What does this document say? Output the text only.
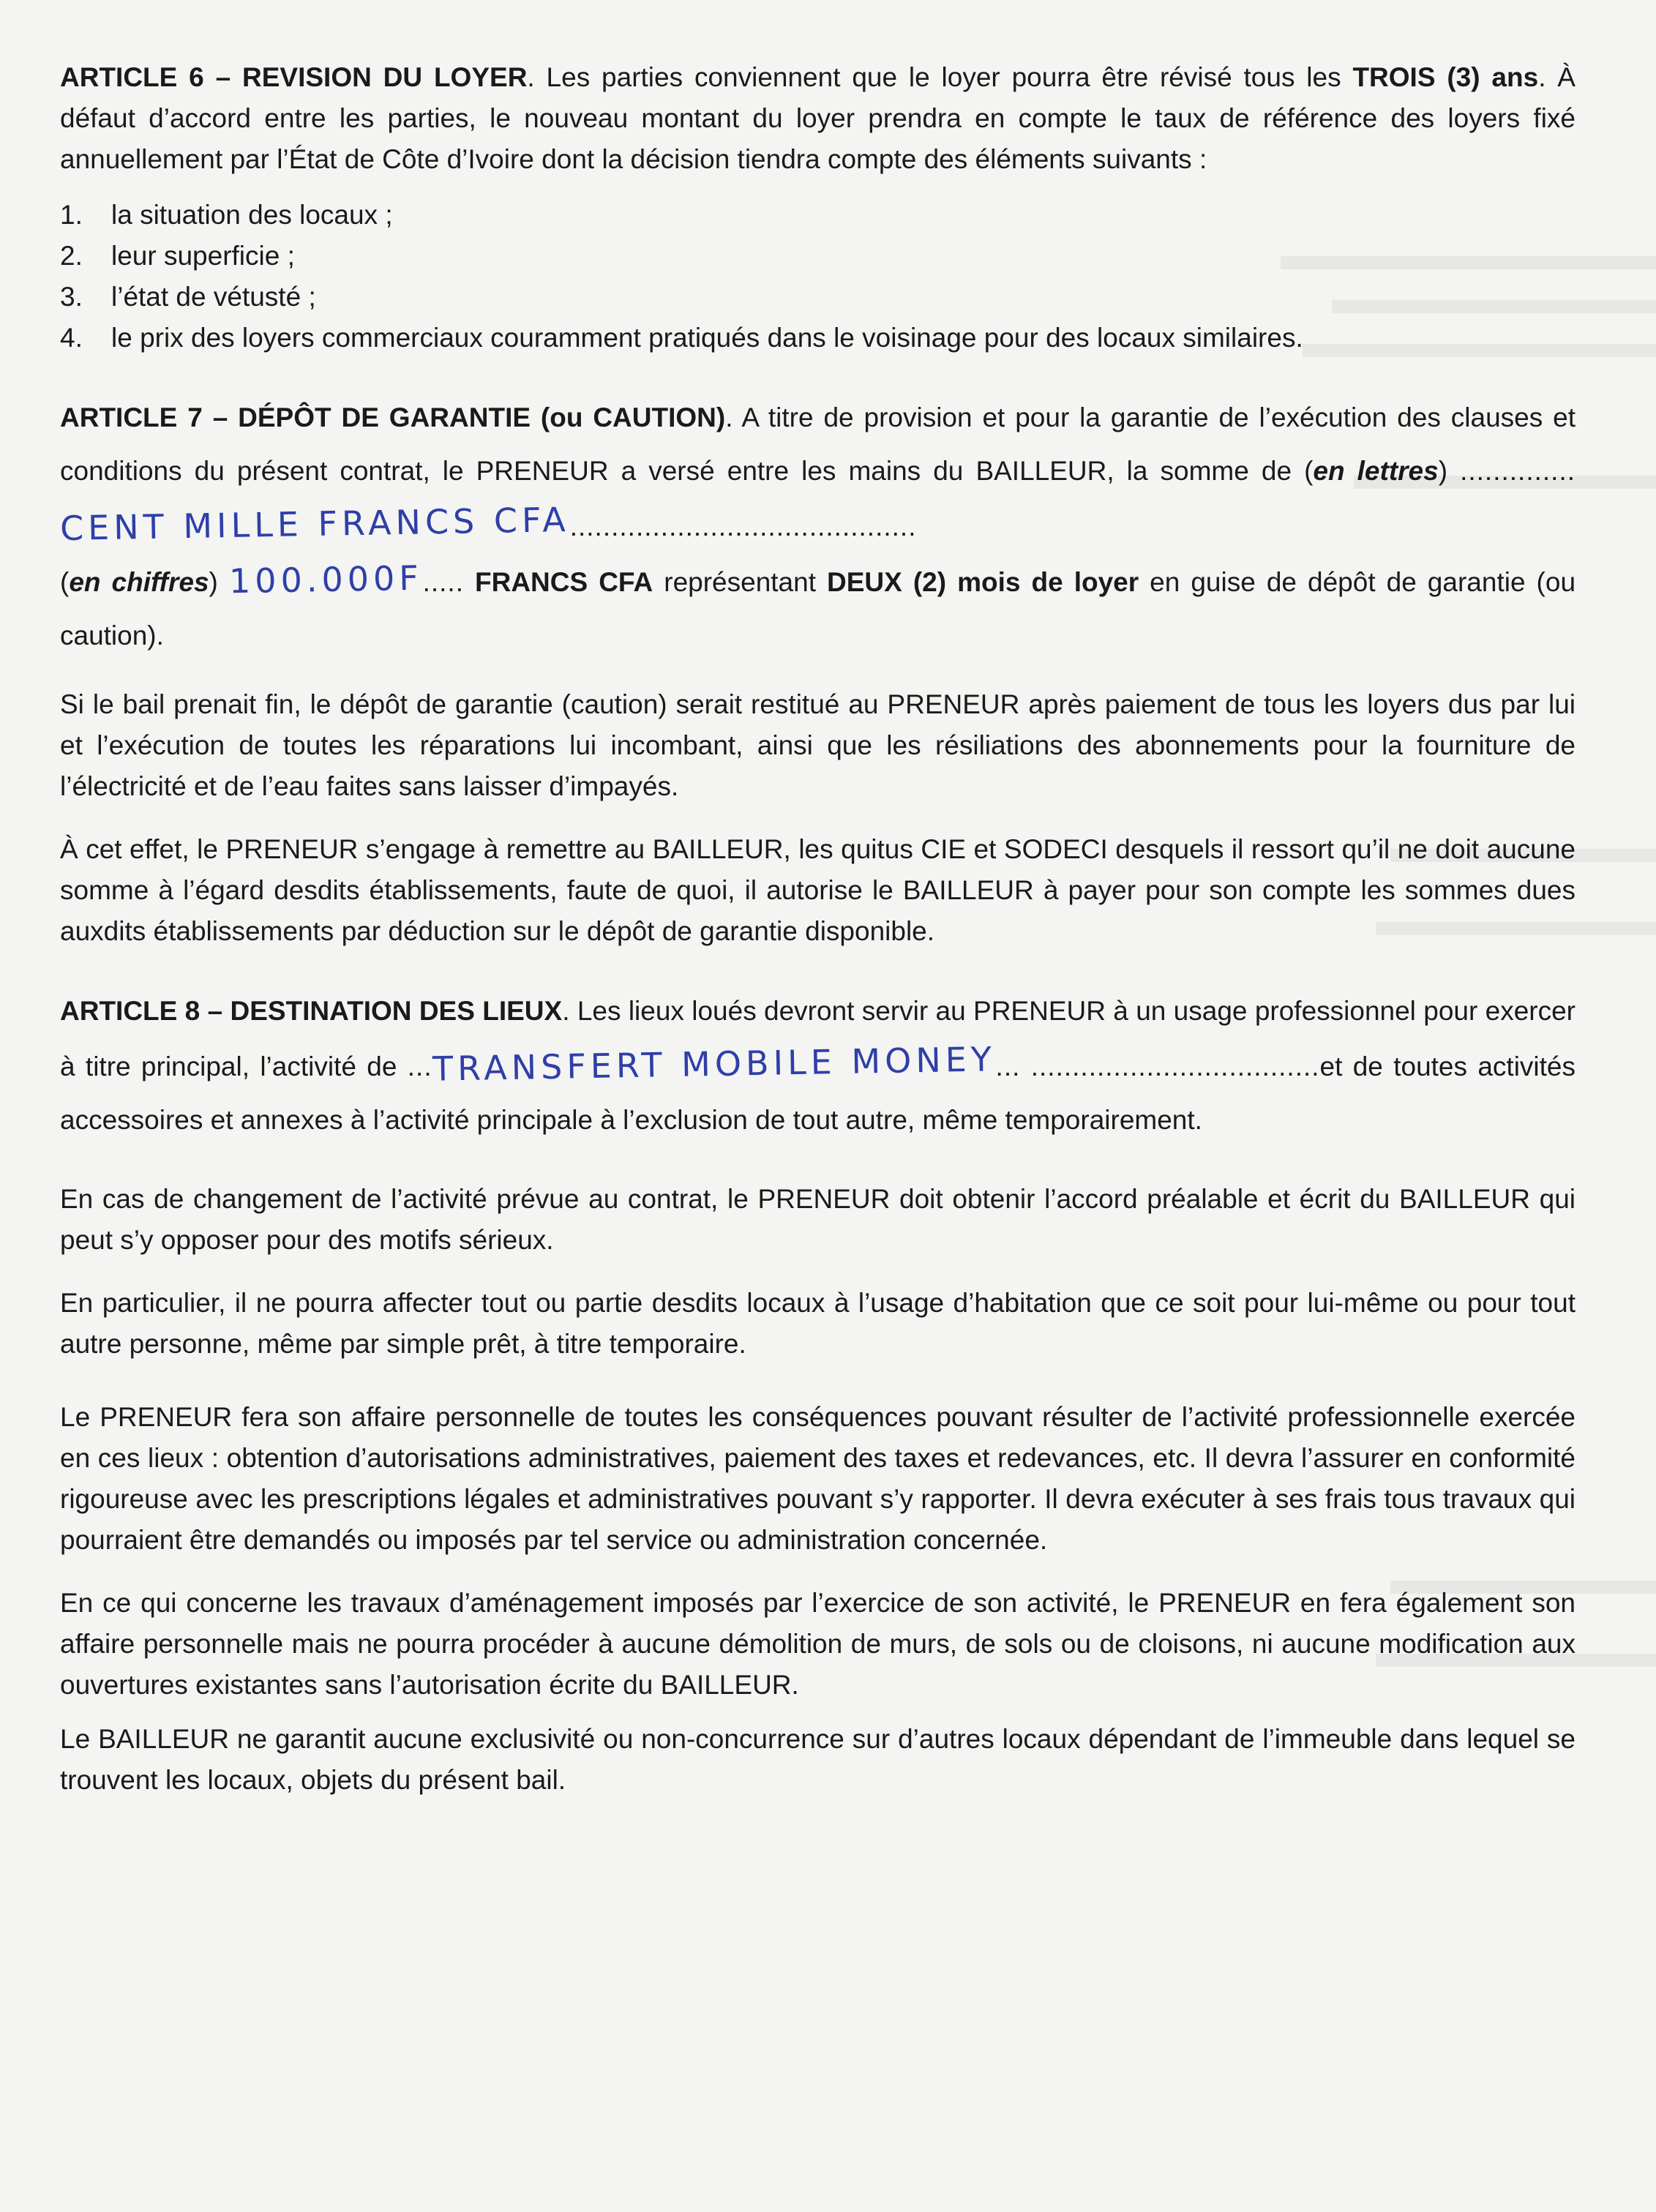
ARTICLE 6 – REVISION DU LOYER. Les parties conviennent que le loyer pourra être révisé tous les TROIS (3) ans. À défaut d’accord entre les parties, le nouveau montant du loyer prendra en compte le taux de référence des loyers fixé annuellement par l’État de Côte d’Ivoire dont la décision tiendra compte des éléments suivants :

1.	la situation des locaux ;
2.	leur superficie ;
3.	l’état de vétusté ;
4.	le prix des loyers commerciaux couramment pratiqués dans le voisinage pour des locaux similaires.

ARTICLE 7 – DÉPÔT DE GARANTIE (ou CAUTION). A titre de provision et pour la garantie de l’exécution des clauses et conditions du présent contrat, le PRENEUR a versé entre les mains du BAILLEUR, la somme de (en lettres) ..............CENT MILLE FRANCS CFA..........................................
(en chiffres) 100.000F..... FRANCS CFA représentant DEUX (2) mois de loyer en guise de dépôt de garantie (ou caution).

Si le bail prenait fin, le dépôt de garantie (caution) serait restitué au PRENEUR après paiement de tous les loyers dus par lui et l’exécution de toutes les réparations lui incombant, ainsi que les résiliations des abonnements pour la fourniture de l’électricité et de l’eau faites sans laisser d’impayés.

À cet effet, le PRENEUR s’engage à remettre au BAILLEUR, les quitus CIE et SODECI desquels il ressort qu’il ne doit aucune somme à l’égard desdits établissements, faute de quoi, il autorise le BAILLEUR à payer pour son compte les sommes dues auxdits établissements par déduction sur le dépôt de garantie disponible.

ARTICLE 8 – DESTINATION DES LIEUX. Les lieux loués devront servir au PRENEUR à un usage professionnel pour exercer à titre principal, l’activité de ...TRANSFERT MOBILE MONEY... ...................................et de toutes activités accessoires et annexes à l’activité principale à l’exclusion de tout autre, même temporairement.

En cas de changement de l’activité prévue au contrat, le PRENEUR doit obtenir l’accord préalable et écrit du BAILLEUR qui peut s’y opposer pour des motifs sérieux.

En particulier, il ne pourra affecter tout ou partie desdits locaux à l’usage d’habitation que ce soit pour lui-même ou pour tout autre personne, même par simple prêt, à titre temporaire.

Le PRENEUR fera son affaire personnelle de toutes les conséquences pouvant résulter de l’activité professionnelle exercée en ces lieux : obtention d’autorisations administratives, paiement des taxes et redevances, etc. Il devra l’assurer en conformité rigoureuse avec les prescriptions légales et administratives pouvant s’y rapporter. Il devra exécuter à ses frais tous travaux qui pourraient être demandés ou imposés par tel service ou administration concernée.

En ce qui concerne les travaux d’aménagement imposés par l’exercice de son activité, le PRENEUR en fera également son affaire personnelle mais ne pourra procéder à aucune démolition de murs, de sols ou de cloisons, ni aucune modification aux ouvertures existantes sans l’autorisation écrite du BAILLEUR.

Le BAILLEUR ne garantit aucune exclusivité ou non-concurrence sur d’autres locaux dépendant de l’immeuble dans lequel se trouvent les locaux, objets du présent bail.
